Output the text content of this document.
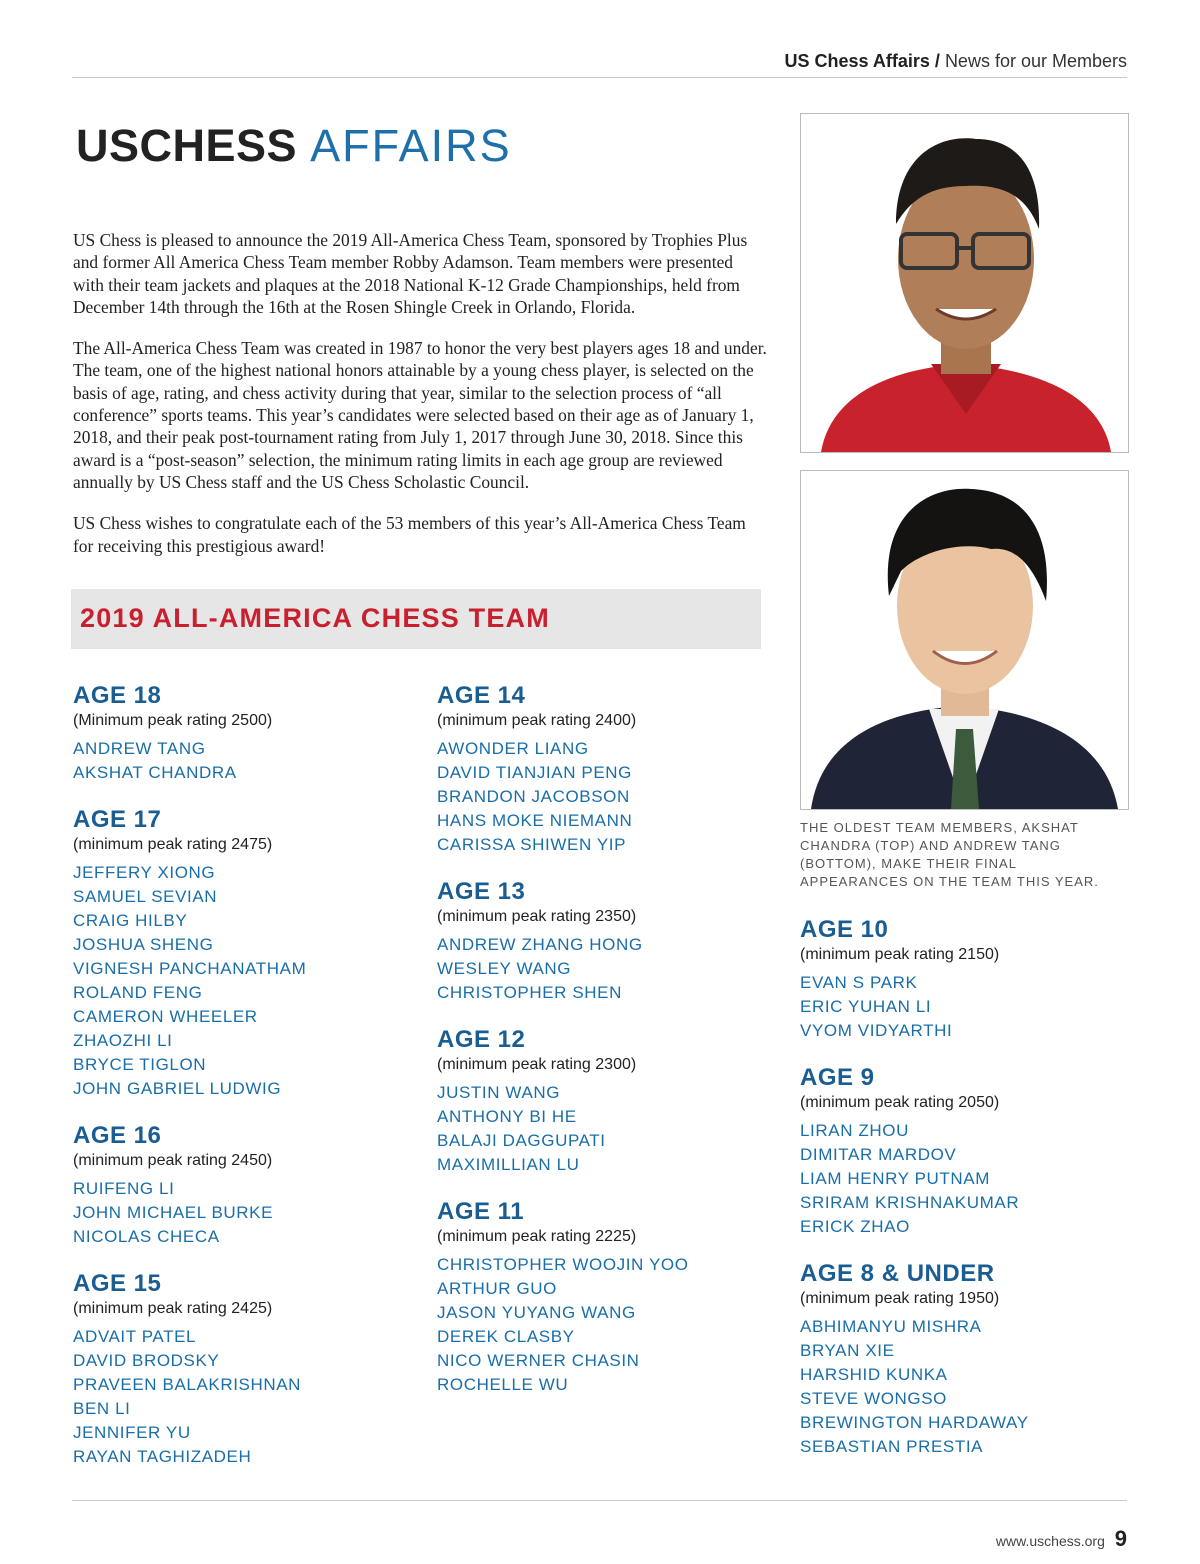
US Chess Affairs / News for our Members
USCHESS AFFAIRS

US Chess is pleased to announce the 2019 All-America Chess Team, sponsored by Trophies Plus and former All America Chess Team member Robby Adamson. Team members were presented with their team jackets and plaques at the 2018 National K-12 Grade Championships, held from December 14th through the 16th at the Rosen Shingle Creek in Orlando, Florida.

The All-America Chess Team was created in 1987 to honor the very best players ages 18 and under. The team, one of the highest national honors attainable by a young chess player, is selected on the basis of age, rating, and chess activity during that year, similar to the selection process of “all conference” sports teams. This year’s candidates were selected based on their age as of January 1, 2018, and their peak post-tournament rating from July 1, 2017 through June 30, 2018. Since this award is a “post-season” selection, the minimum rating limits in each age group are reviewed annually by US Chess staff and the US Chess Scholastic Council.

US Chess wishes to congratulate each of the 53 members of this year’s All-America Chess Team for receiving this prestigious award!

2019 ALL-AMERICA CHESS TEAM
AGE 18
(Minimum peak rating 2500)
ANDREW TANG
AKSHAT CHANDRA
AGE 17
(minimum peak rating 2475)
JEFFERY XIONG
SAMUEL SEVIAN
CRAIG HILBY
JOSHUA SHENG
VIGNESH PANCHANATHAM
ROLAND FENG
CAMERON WHEELER
ZHAOZHI LI
BRYCE TIGLON
JOHN GABRIEL LUDWIG
AGE 16
(minimum peak rating 2450)
RUIFENG LI
JOHN MICHAEL BURKE
NICOLAS CHECA
AGE 15
(minimum peak rating 2425)
ADVAIT PATEL
DAVID BRODSKY
PRAVEEN BALAKRISHNAN
BEN LI
JENNIFER YU
RAYAN TAGHIZADEH
AGE 14
(minimum peak rating 2400)
AWONDER LIANG
DAVID TIANJIAN PENG
BRANDON JACOBSON
HANS MOKE NIEMANN
CARISSA SHIWEN YIP
AGE 13
(minimum peak rating 2350)
ANDREW ZHANG HONG
WESLEY WANG
CHRISTOPHER SHEN
AGE 12
(minimum peak rating 2300)
JUSTIN WANG
ANTHONY BI HE
BALAJI DAGGUPATI
MAXIMILLIAN LU
AGE 11
(minimum peak rating 2225)
CHRISTOPHER WOOJIN YOO
ARTHUR GUO
JASON YUYANG WANG
DEREK CLASBY
NICO WERNER CHASIN
ROCHELLE WU
THE OLDEST TEAM MEMBERS, AKSHAT CHANDRA (TOP) AND ANDREW TANG (BOTTOM), MAKE THEIR FINAL APPEARANCES ON THE TEAM THIS YEAR.
AGE 10
(minimum peak rating 2150)
EVAN S PARK
ERIC YUHAN LI
VYOM VIDYARTHI
AGE 9
(minimum peak rating 2050)
LIRAN ZHOU
DIMITAR MARDOV
LIAM HENRY PUTNAM
SRIRAM KRISHNAKUMAR
ERICK ZHAO
AGE 8 & UNDER
(minimum peak rating 1950)
ABHIMANYU MISHRA
BRYAN XIE
HARSHID KUNKA
STEVE WONGSO
BREWINGTON HARDAWAY
SEBASTIAN PRESTIA
www.uschess.org 9
